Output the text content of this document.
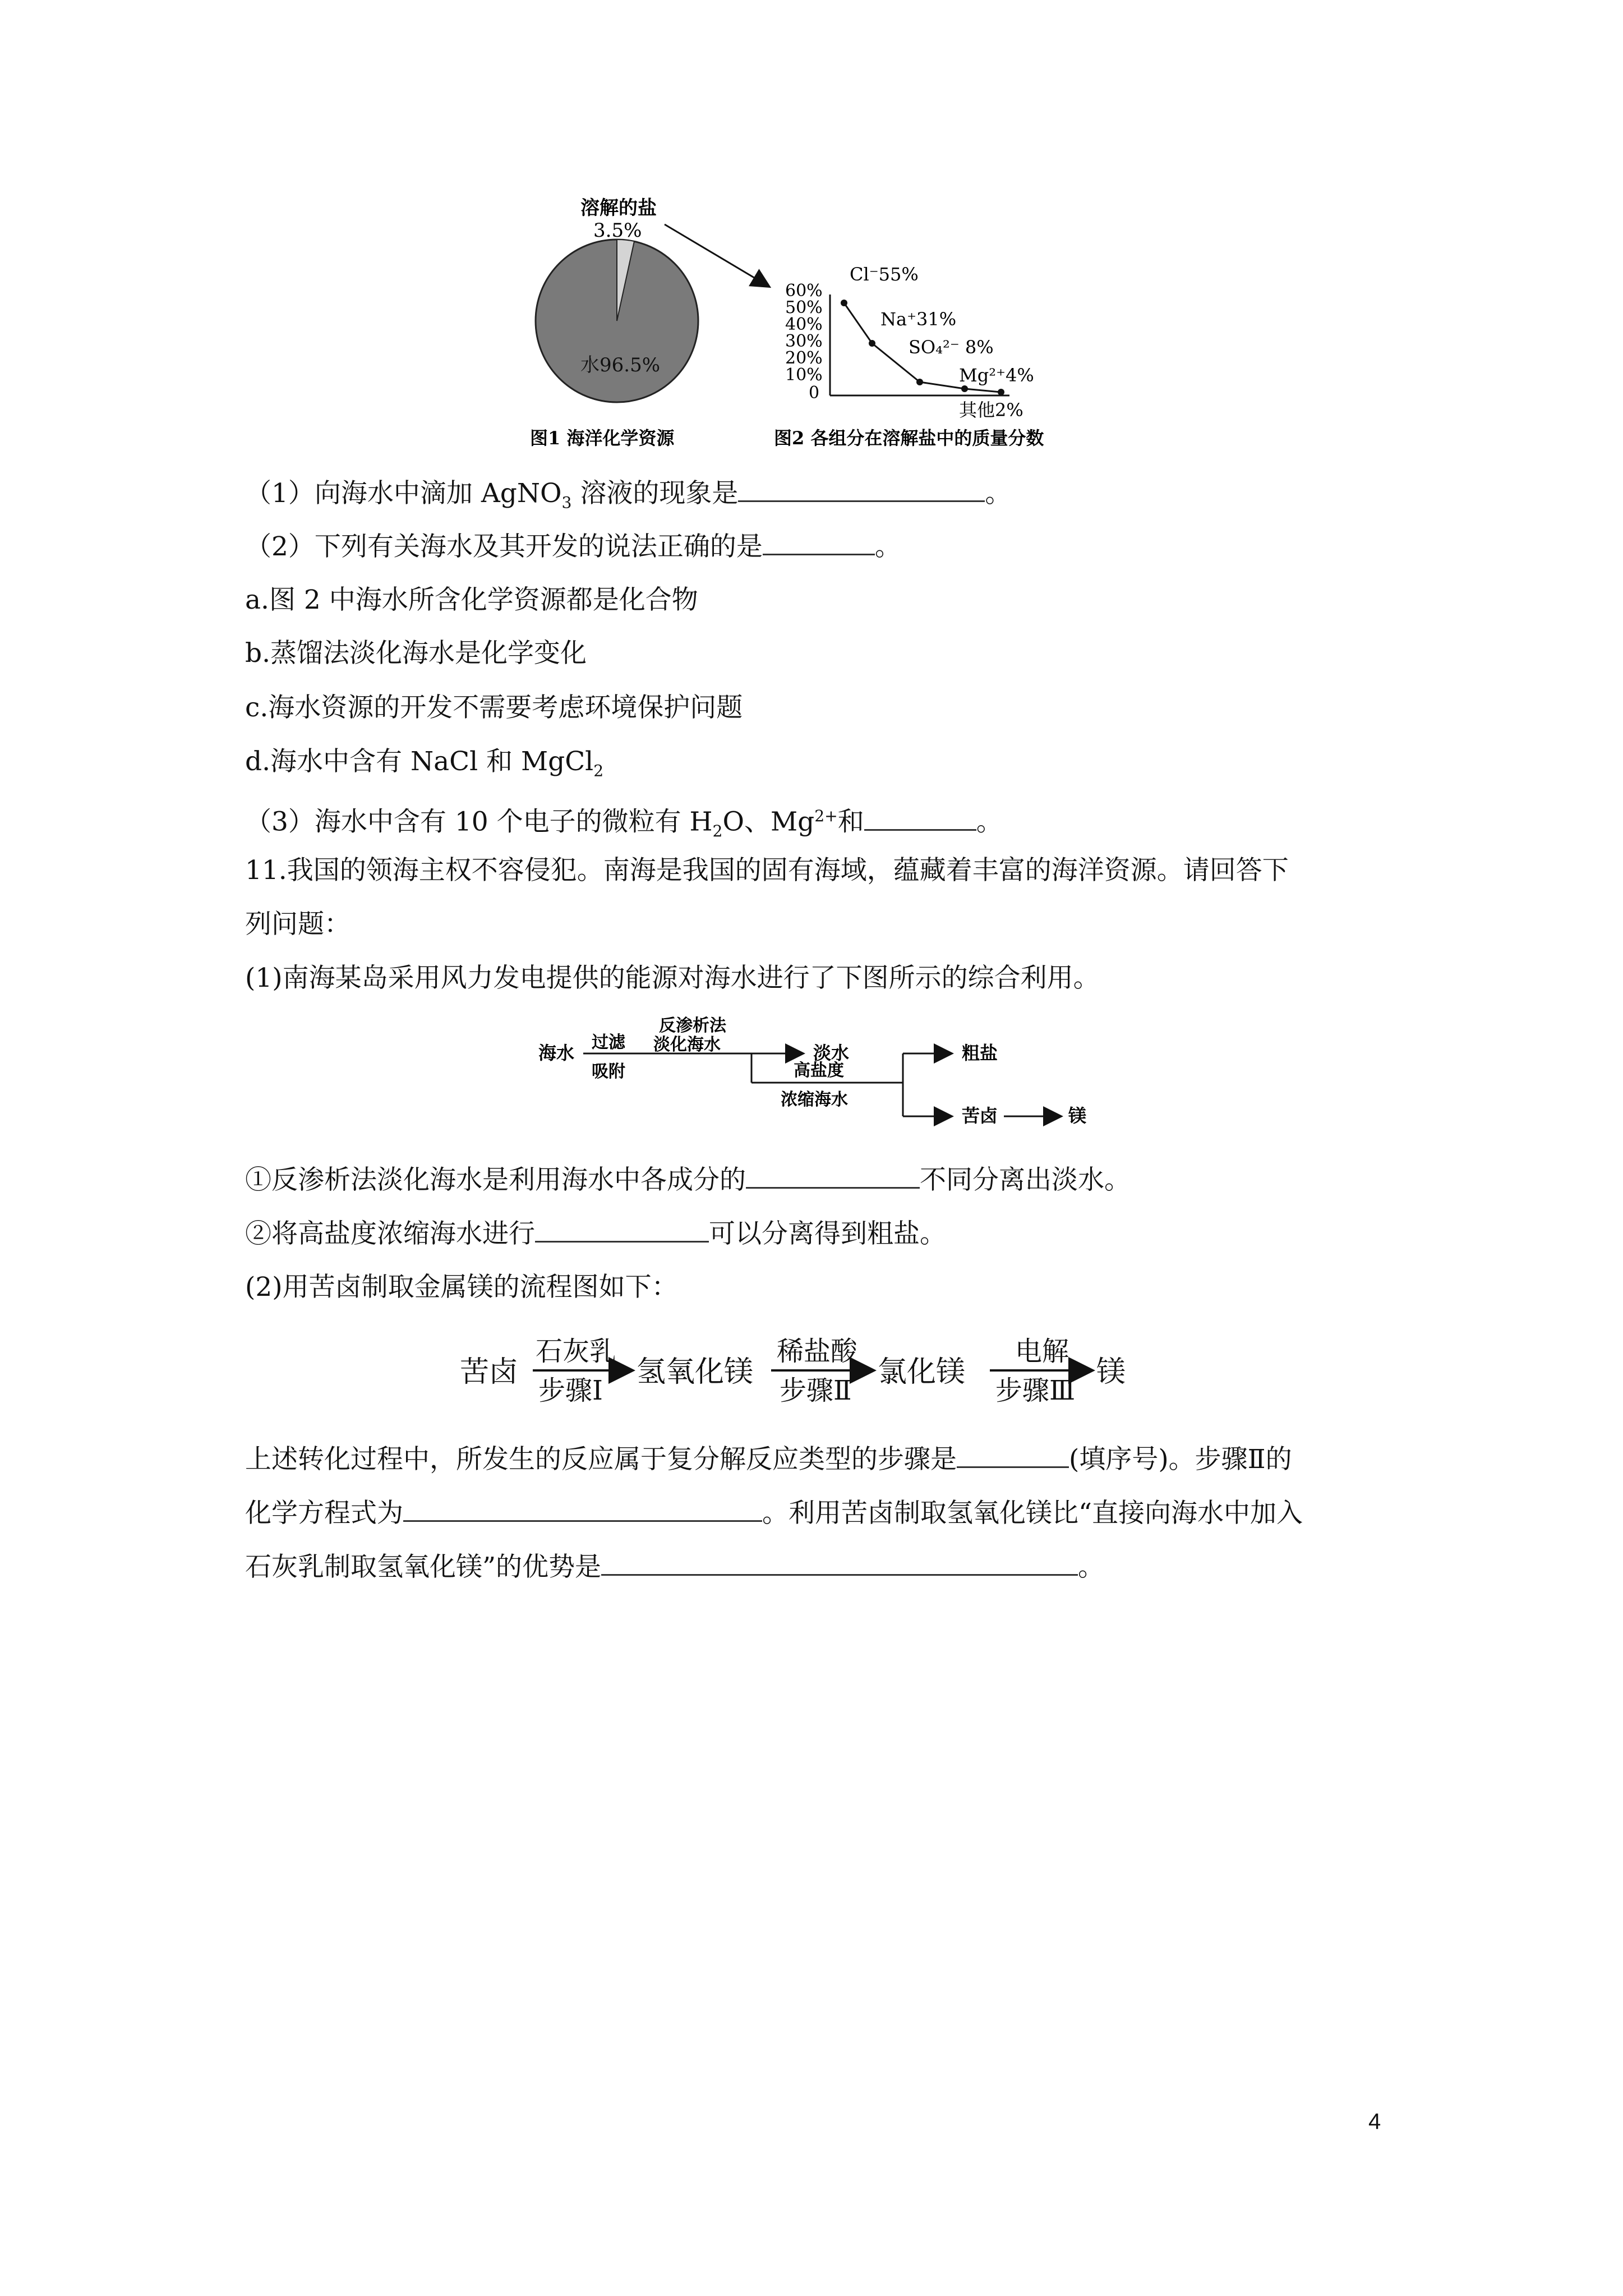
溶解的盐
3.5%
水96.5%
60%
50%
40%
30%
20%
10%
0
Cl⁻55%
Na⁺31%
SO₄²⁻ 8%
Mg²⁺4%
其他2%
图1 海洋化学资源	图2 各组分在溶解盐中的质量分数
（1）向海水中滴加 AgNO$_3$ 溶液的现象是	。
（2）下列有关海水及其开发的说法正确的是	。
a.图 2 中海水所含化学资源都是化合物
b.蒸馏法淡化海水是化学变化
c.海水资源的开发不需要考虑环境保护问题
d.海水中含有 NaCl 和 MgCl$_2$
（3）海水中含有 10 个电子的微粒有 $H_2O$、$Mg^{2+}$和	。
11.我国的领海主权不容侵犯。南海是我国的固有海域，蕴藏着丰富的海洋资源。请回答下
列问题：
(1)南海某岛采用风力发电提供的能源对海水进行了下图所示的综合利用。
海水 过滤
吸附
反渗析法
淡化海水	淡水
高盐度
浓缩海水
粗盐
苦卤	镁
①反渗析法淡化海水是利用海水中各成分的	不同分离出淡水。
②将高盐度浓缩海水进行	可以分离得到粗盐。
(2)用苦卤制取金属镁的流程图如下：
苦卤
石灰乳
步骤Ⅰ
氢氧化镁
稀盐酸
步骤Ⅱ
氯化镁
电解
步骤Ⅲ
镁
上述转化过程中，所发生的反应属于复分解反应类型的步骤是	(填序号)。步骤Ⅱ的
化学方程式为	。利用苦卤制取氢氧化镁比“直接向海水中加入
石灰乳制取氢氧化镁”的优势是	。
4
